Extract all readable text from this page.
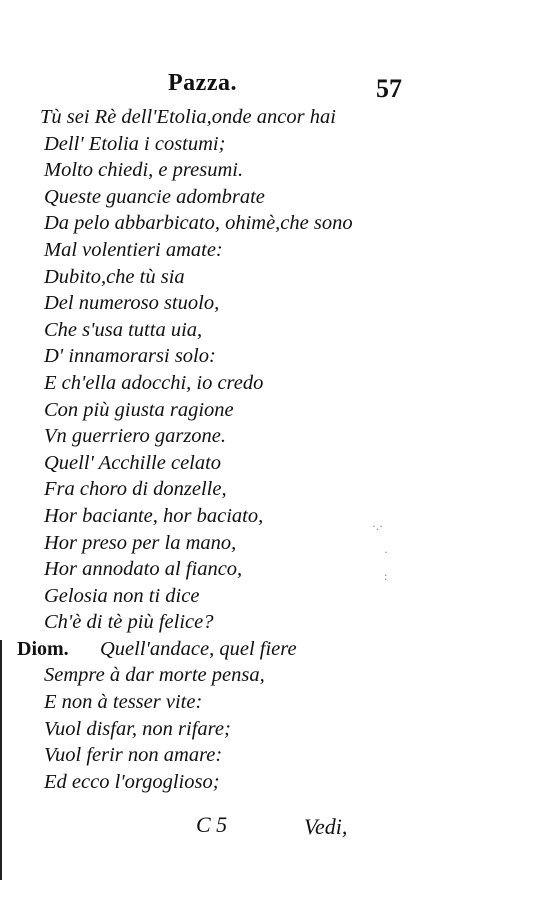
Pazza.	57
Tù sei Rè dell'Etolia,onde ancor hai
Dell' Etolia i costumi;
Molto chiedi, e presumi.
Queste guancie adombrate
Da pelo abbarbicato, ohimè,che sono
Mal volentieri amate:
Dubito,che tù sia
Del numeroso stuolo,
Che s'usa tutta uia,
D' innamorarsi solo:
E ch'ella adocchi, io credo
Con più giusta ragione
Vn guerriero garzone.
Quell' Acchille celato
Fra choro di donzelle,
Hor baciante, hor baciato,
Hor preso per la mano,
Hor annodato al fianco,
Gelosia non ti dice
Ch'è di tè più felice?
Diom. Quell'andace, quel fiere
Sempre à dar morte pensa,
E non à tesser vite:
Vuol disfar, non rifare;
Vuol ferir non amare:
Ed ecco l'orgoglioso;
C 5	Vedi,
·.·
·
:
